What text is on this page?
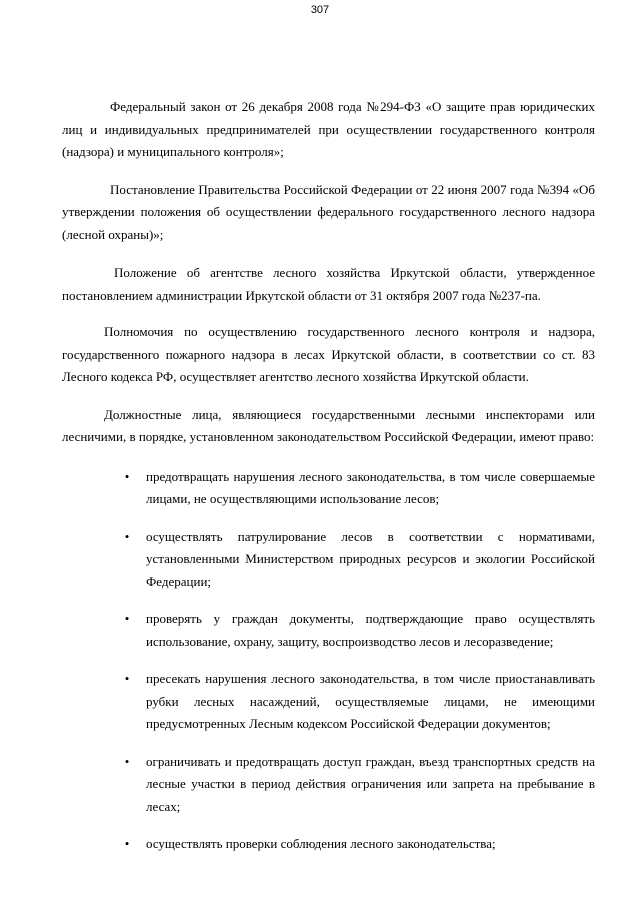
307

Федеральный закон от 26 декабря 2008 года №294-ФЗ «О защите прав юридических лиц и индивидуальных предпринимателей при осуществлении государственного контроля (надзора) и муниципального контроля»;

Постановление Правительства Российской Федерации от 22 июня 2007 года №394 «Об утверждении положения об осуществлении федерального государственного лесного надзора (лесной охраны)»;

Положение об агентстве лесного хозяйства Иркутской области, утвержденное постановлением администрации Иркутской области от 31 октября 2007 года №237-па.

Полномочия по осуществлению государственного лесного контроля и надзора, государственного пожарного надзора в лесах Иркутской области, в соответствии со ст. 83 Лесного кодекса РФ, осуществляет агентство лесного хозяйства Иркутской области.

Должностные лица, являющиеся государственными лесными инспекторами или лесничими, в порядке, установленном законодательством Российской Федерации, имеют право:

• предотвращать нарушения лесного законодательства, в том числе совершаемые лицами, не осуществляющими использование лесов;
• осуществлять патрулирование лесов в соответствии с нормативами, установленными Министерством природных ресурсов и экологии Российской Федерации;
• проверять у граждан документы, подтверждающие право осуществлять использование, охрану, защиту, воспроизводство лесов и лесоразведение;
• пресекать нарушения лесного законодательства, в том числе приостанавливать рубки лесных насаждений, осуществляемые лицами, не имеющими предусмотренных Лесным кодексом Российской Федерации документов;
• ограничивать и предотвращать доступ граждан, въезд транспортных средств на лесные участки в период действия ограничения или запрета на пребывание в лесах;
• осуществлять проверки соблюдения лесного законодательства;
